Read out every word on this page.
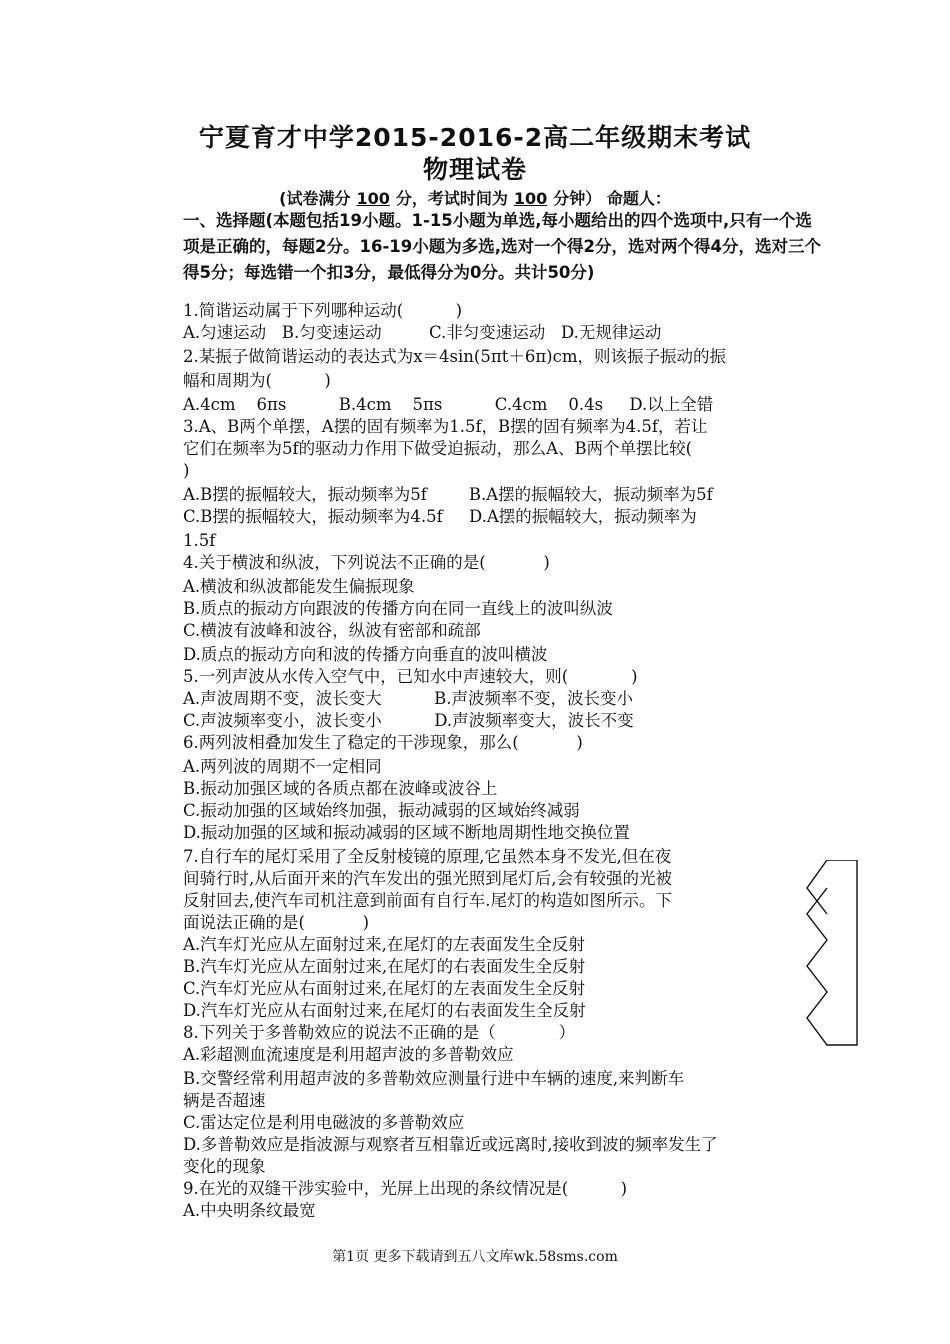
宁夏育才中学2015-2016-2高二年级期末考试
物理试卷
(试卷满分 100 分，考试时间为 100 分钟） 命题人：
一、选择题(本题包括19小题。1-15小题为单选,每小题给出的四个选项中,只有一个选项是正确的，每题2分。16-19小题为多选,选对一个得2分，选对两个得4分，选对三个得5分；每选错一个扣3分，最低得分为0分。共计50分)
1.简谐运动属于下列哪种运动(          )
A.匀速运动   B.匀变速运动         C.非匀变速运动   D.无规律运动
2.某振子做简谐运动的表达式为x＝4sin(5πt＋6π)cm，则该振子振动的振
幅和周期为(          )
A.4cm    6πs          B.4cm    5πs          C.4cm    0.4s     D.以上全错
3.A、B两个单摆，A摆的固有频率为1.5f，B摆的固有频率为4.5f，若让
它们在频率为5f的驱动力作用下做受迫振动，那么A、B两个单摆比较(
)
A.B摆的振幅较大，振动频率为5f        B.A摆的振幅较大，振动频率为5f
C.B摆的振幅较大，振动频率为4.5f     D.A摆的振幅较大，振动频率为
1.5f
4.关于横波和纵波，下列说法不正确的是(           )
A.横波和纵波都能发生偏振现象
B.质点的振动方向跟波的传播方向在同一直线上的波叫纵波
C.横波有波峰和波谷，纵波有密部和疏部
D.质点的振动方向和波的传播方向垂直的波叫横波
5.一列声波从水传入空气中，已知水中声速较大，则(            )
A.声波周期不变，波长变大          B.声波频率不变，波长变小
C.声波频率变小，波长变小          D.声波频率变大，波长不变
6.两列波相叠加发生了稳定的干涉现象，那么(           )
A.两列波的周期不一定相同
B.振动加强区域的各质点都在波峰或波谷上
C.振动加强的区域始终加强，振动减弱的区域始终减弱
D.振动加强的区域和振动减弱的区域不断地周期性地交换位置
7.自行车的尾灯采用了全反射棱镜的原理,它虽然本身不发光,但在夜
间骑行时,从后面开来的汽车发出的强光照到尾灯后,会有较强的光被
反射回去,使汽车司机注意到前面有自行车.尾灯的构造如图所示。下
面说法正确的是(           )
A.汽车灯光应从左面射过来,在尾灯的左表面发生全反射
B.汽车灯光应从左面射过来,在尾灯的右表面发生全反射
C.汽车灯光应从右面射过来,在尾灯的左表面发生全反射
D.汽车灯光应从右面射过来,在尾灯的右表面发生全反射
8.下列关于多普勒效应的说法不正确的是（            ）
A.彩超测血流速度是利用超声波的多普勒效应
B.交警经常利用超声波的多普勒效应测量行进中车辆的速度,来判断车
辆是否超速
C.雷达定位是利用电磁波的多普勒效应
D.多普勒效应是指波源与观察者互相靠近或远离时,接收到波的频率发生了
变化的现象
9.在光的双缝干涉实验中，光屏上出现的条纹情况是(          )
A.中央明条纹最宽
第1页 更多下载请到五八文库wk.58sms.com
